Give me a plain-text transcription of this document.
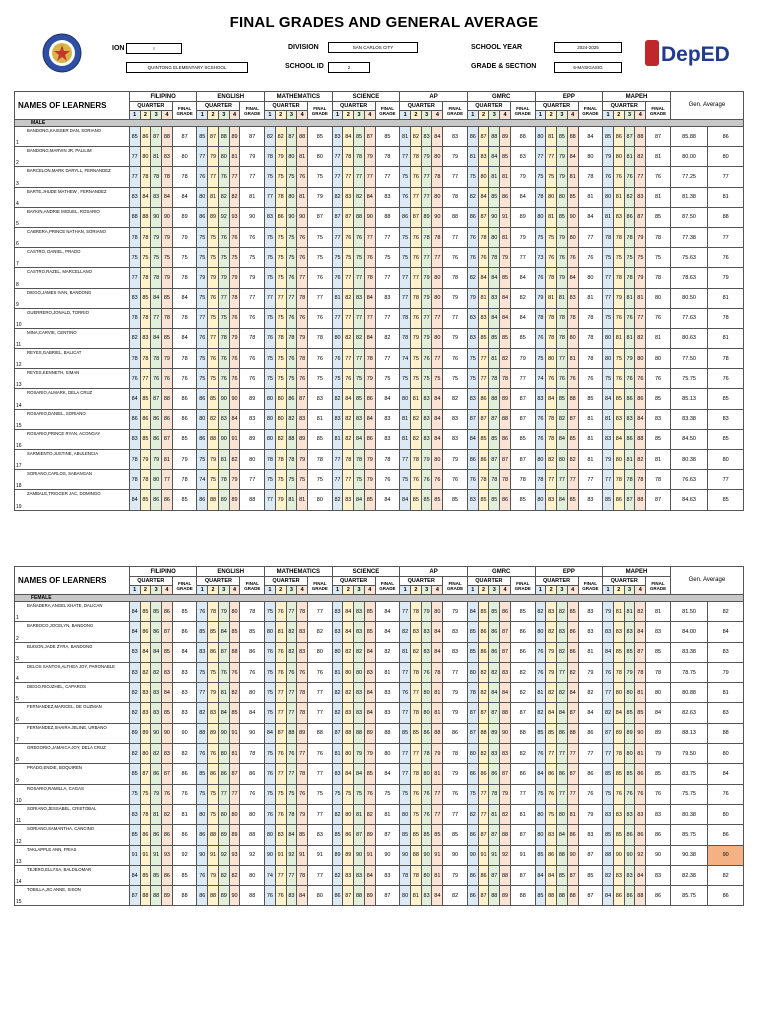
FINAL GRADES AND GENERAL AVERAGE
DepED
ION	I
QUINTONG ELEMENTARY SCSHOOL
DIVISION	SAN CARLOS CITY
SCHOOL ID	2
SCHOOL YEAR	2024-2025
GRADE & SECTION	6-MASIGASIG
NAMES OF LEARNERS	FILIPINO					ENGLISH					MATHEMATICS					SCIENCE					AP					GMRC					EPP					MAPEH					Gen. Average	
	QUARTER				FINAL GRADE	QUARTER				FINAL GRADE	QUARTER				FINAL GRADE	QUARTER				FINAL GRADE	QUARTER				FINAL GRADE	QUARTER				FINAL GRADE	QUARTER				FINAL GRADE	QUARTER				FINAL GRADE		
	1	2	3	4		1	2	3	4		1	2	3	4		1	2	3	4		1	2	3	4		1	2	3	4		1	2	3	4		1	2	3	4			
MALE																																										

1
BANDONG,KAISSER DAN, SORIANO	85	86	87	88	87	85	87	88	89	87	82	82	87	88	85	83	84	85	87	85	81	82	83	84	83	86	87	88	89	88	80	81	85	88	84	85	86	87	88	87	85.88	86

2
BANDONG,MARVIN JR, PALILIM	77	80	81	83	80	77	79	80	81	79	78	79	80	81	80	77	78	78	79	78	77	78	79	80	79	81	83	84	85	83	77	77	79	84	80	79	80	81	82	81	80.00	80

3
BARCELON,MARK DARYLL, FERNANDEZ	77	78	78	78	78	76	77	76	77	77	75	75	75	76	75	77	77	77	77	77	75	76	77	78	77	75	80	81	81	79	75	75	79	81	78	76	76	76	77	76	77.25	77

4
BARTE,JHUDE MATHEW , FERNANDEZ	83	84	83	84	84	80	81	82	82	81	77	78	80	81	79	82	83	82	84	83	76	77	77	80	78	82	84	85	86	84	78	80	80	85	81	80	81	82	83	81	81.38	81

5
BAYKIN,ANDRIE MIGUEL, ROSARIO	88	88	90	90	89	86	89	92	93	90	83	86	90	90	87	87	87	88	90	88	86	87	89	90	88	86	87	90	91	89	80	81	85	90	84	81	83	86	87	85	87.50	88

6
CABRERA,PRINCE NATHAN, SORIANO	78	78	79	79	79	75	75	76	76	76	75	75	75	76	75	77	76	76	77	77	75	76	78	78	77	76	78	80	81	79	75	75	79	80	77	78	78	78	79	78	77.38	77

7
CASTRO, DANIEL, PRADO	75	75	75	75	75	75	75	75	75	75	75	75	75	76	75	75	75	75	76	75	75	76	77	77	76	76	76	78	79	77	73	76	76	76	76	75	75	75	75	75	75.63	76

8
CASTRO,RAZEL, MARCELLANO	77	78	78	79	78	79	79	79	79	79	75	75	76	77	76	76	77	77	78	77	77	77	79	80	78	82	84	84	85	84	76	78	79	84	80	77	78	78	79	78	78.63	79

9
DIEGO,JAMES IVAN, BANDONG	83	85	84	85	84	75	76	77	78	77	77	77	77	78	77	81	82	83	84	83	77	78	79	80	79	79	81	83	84	82	79	81	81	83	81	77	79	81	81	80	80.50	81

10
GUERRERO,JONALD, TORRIO	78	78	77	78	78	77	75	75	76	76	75	75	76	76	76	77	77	77	77	77	78	76	77	77	77	83	83	84	84	84	78	78	78	78	78	75	76	76	77	76	77.63	78

11
MINA,CARVIE, CENTINO	82	83	84	85	84	76	77	78	79	78	76	78	78	79	78	80	82	82	84	82	78	79	79	80	79	83	85	85	85	85	76	78	78	80	78	80	81	81	82	81	80.63	81

12
REYES,GABRIEL, BALICAT	78	78	78	79	78	75	76	76	76	76	75	75	76	78	76	76	77	77	78	77	74	75	76	77	76	75	77	81	82	79	75	80	77	81	78	80	75	79	80	80	77.50	78

13
REYES,KENNETH, SIMAN	76	77	76	76	76	75	75	76	76	76	75	75	75	76	75	75	76	75	79	75	75	75	75	75	75	75	77	78	78	77	74	76	76	76	76	75	76	76	76	76	75.75	76

14
ROSARIO,ALMARK, DELA CRUZ	84	85	87	88	86	86	85	90	90	89	80	80	86	87	83	82	84	85	86	84	80	81	83	84	82	83	86	88	89	87	83	84	85	88	85	84	85	86	86	85	85.13	85

15
ROSARIO,DANIEL, SORIANO	86	86	86	86	86	80	82	83	84	83	80	80	82	83	81	83	82	83	84	83	81	82	83	84	83	87	87	87	88	87	76	78	82	87	81	81	83	83	84	83	83.38	83

16
ROSARIO,PRINCE RYAN, ACONGAY	83	85	86	87	85	86	88	90	91	89	80	82	88	89	85	81	82	84	86	83	81	82	83	84	83	84	85	85	86	85	76	78	84	85	81	83	84	86	88	85	84.50	85

17
SARMIENTO,JUSTINE, ABULENCIA	78	79	79	81	79	75	79	81	82	80	78	78	78	79	78	77	78	78	79	78	77	78	79	80	79	86	86	87	87	87	80	82	80	82	81	79	80	81	82	81	80.38	80

18
SORIANO,CARLOS, SABANGAN	78	78	80	77	78	74	75	78	79	77	75	75	75	75	75	77	77	75	79	76	75	76	76	76	76	76	78	78	78	78	78	77	77	77	77	77	78	78	78	78	76.63	77

19
ZAMBALE,TRIGGER JAC, DOMINGO	84	85	86	86	85	86	88	89	89	88	77	79	81	81	80	82	83	84	85	84	84	85	85	85	85	83	85	85	86	85	80	83	84	85	83	85	86	87	88	87	84.63	85
NAMES OF LEARNERS	FILIPINO					ENGLISH					MATHEMATICS					SCIENCE					AP					GMRC					EPP					MAPEH					Gen. Average	
	QUARTER				FINAL GRADE	QUARTER				FINAL GRADE	QUARTER				FINAL GRADE	QUARTER				FINAL GRADE	QUARTER				FINAL GRADE	QUARTER				FINAL GRADE	QUARTER				FINAL GRADE	QUARTER				FINAL GRADE		
	1	2	3	4		1	2	3	4		1	2	3	4		1	2	3	4		1	2	3	4		1	2	3	4		1	2	3	4		1	2	3	4			
FEMALE																																										

1
BAÑADERA,ANGEL KHATE, DALICAN	84	85	85	86	85	76	78	79	80	78	75	76	77	78	77	83	84	83	85	84	77	78	79	80	79	84	85	85	86	85	82	83	82	85	83	79	81	81	82	81	81.50	82

2
BARBOCO,JOCELYN, BANDONG	84	86	86	87	86	85	85	84	85	85	80	81	82	83	82	83	84	83	85	84	82	83	83	84	83	85	86	86	87	86	80	82	83	86	83	83	83	83	84	83	84.00	84

3
BUISON,JADE ZYRA, BANDONG	83	84	84	85	84	83	86	87	88	86	76	76	82	83	80	80	82	82	84	82	81	82	83	84	83	85	86	86	87	86	76	79	82	86	81	84	85	85	87	85	83.38	83

4
DELOS SANTOS,ALTHEA JOY, PARONABLE	83	82	82	83	83	75	75	76	76	76	75	76	76	76	76	81	80	80	83	81	77	78	76	78	77	80	82	82	83	82	76	79	77	82	79	76	78	79	78	78	78.75	79

5
DIEGO,RIOJZHEL, CAPAROS	82	83	83	84	83	77	79	81	82	80	75	77	77	78	77	82	82	83	84	83	76	77	80	81	79	78	82	84	84	82	81	82	82	84	82	77	80	80	81	80	80.88	81

6
FERNANDEZ,MARICEL, DE GUZMAN	82	83	83	85	83	82	83	84	85	84	75	77	77	78	77	82	83	83	84	83	77	78	80	81	79	87	87	87	88	87	82	84	84	87	84	82	84	85	85	84	82.63	83

7
FERNANDEZ,SHAIRA JELINE, URBANO	89	89	90	90	90	88	89	90	91	90	84	87	88	89	88	87	88	88	89	88	85	85	86	88	86	87	88	89	90	88	85	85	86	88	86	87	89	89	90	89	88.13	88

8
GREGORIO,JAMAICA JOY, DELA CRUZ	82	80	82	83	82	76	76	80	81	78	75	76	76	77	76	81	80	79	79	80	77	77	78	79	78	80	82	83	83	82	76	77	77	77	77	77	78	80	81	79	79.50	80

9
PRADO,ENDIE, BOQUIREN	85	87	86	87	86	85	86	86	87	86	76	77	77	78	77	83	84	84	85	84	77	78	80	81	79	86	86	86	87	86	84	86	86	87	86	85	85	85	86	85	83.75	84

10
ROSARIO,RAMILLA, CAGAS	75	75	79	76	76	75	75	77	77	76	75	75	75	76	75	75	75	75	76	75	75	76	76	77	76	75	77	78	79	77	75	76	77	77	76	75	76	76	76	76	75.75	76

11
SORIANO,JESSABEL, CRISTOBAL	83	78	81	82	81	80	75	80	80	80	76	76	78	79	77	82	80	81	82	81	80	75	76	77	77	82	77	81	82	81	80	75	80	81	79	83	83	83	83	83	80.38	80

12
SORIANO,SAMANTHA, CANCINO	85	86	86	86	86	86	88	89	89	88	80	83	84	85	83	85	86	87	89	87	85	85	85	85	85	86	87	87	88	87	80	83	84	86	83	85	85	86	86	86	85.75	86

13
TAKLAPPLE ANN, FRIAS	91	91	91	93	92	90	91	92	93	92	90	91	92	91	91	89	89	90	91	90	90	88	90	91	90	90	91	91	92	91	85	86	88	90	87	88	90	90	92	90	90.38	90

14
TEJERO,ELLYSA, BALDILOMAR	84	85	85	86	85	76	79	82	82	80	74	77	77	78	77	82	83	83	84	83	78	78	80	81	79	86	86	87	88	87	84	84	85	87	85	82	83	83	84	83	82.38	82

15
TOBILLA,JIC ANNE, SISON	87	88	88	89	88	86	88	89	90	88	76	76	83	84	80	86	87	88	89	87	80	81	83	84	82	86	87	88	89	88	85	88	88	88	87	84	86	86	88	86	85.75	86
